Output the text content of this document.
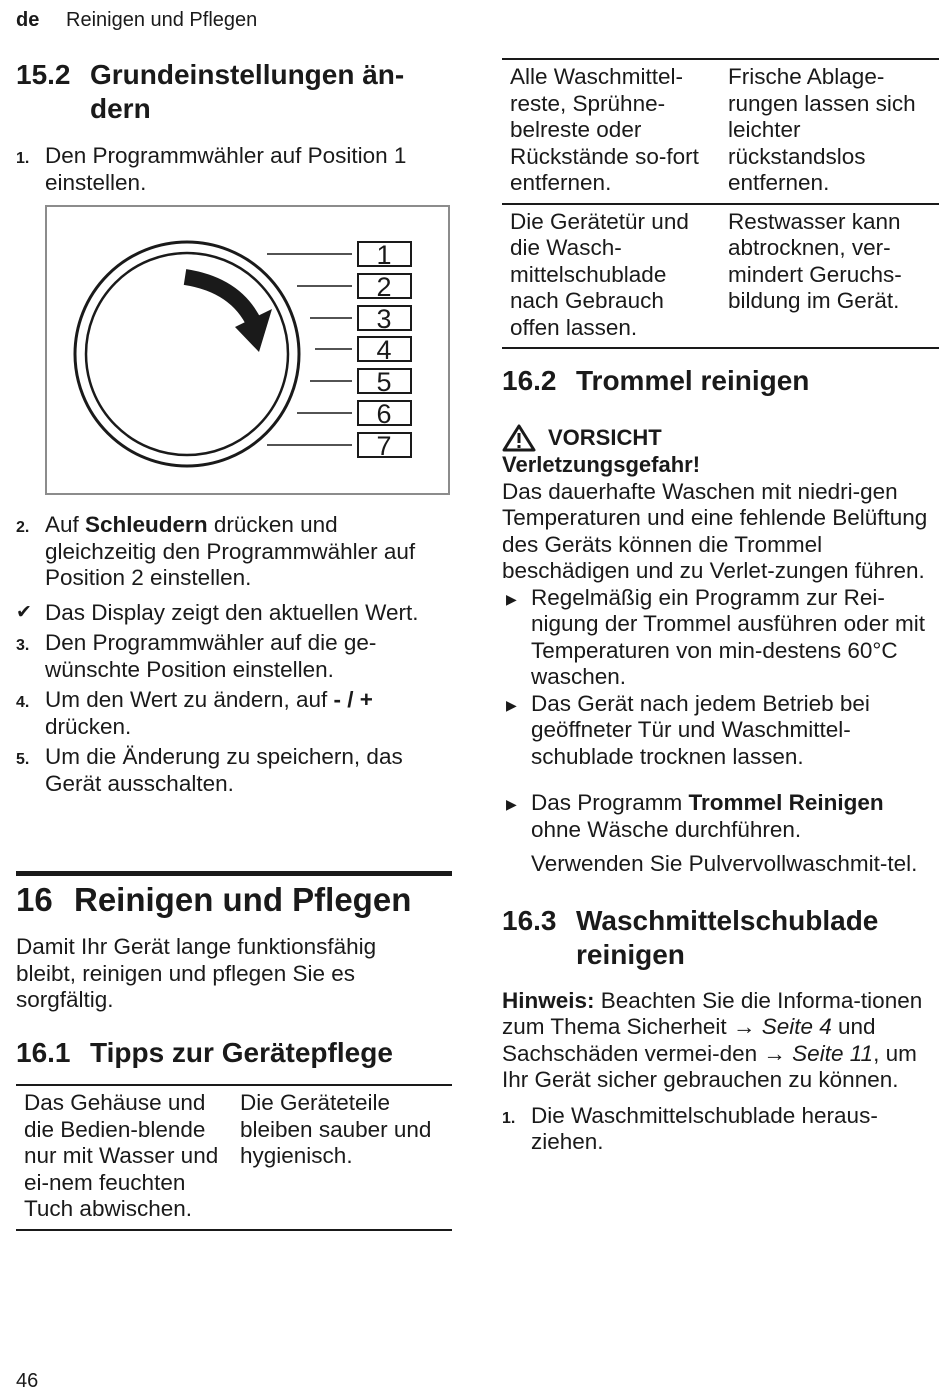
de Reinigen und Pflegen
15.2 Grundeinstellungen än-
dern
1. Den Programmwähler auf Position 1 einstellen.
1
2
3
4
5
6
7
2. Auf Schleudern drücken und gleichzeitig den Programmwähler auf Position 2 einstellen.
✔ Das Display zeigt den aktuellen Wert.
3. Den Programmwähler auf die ge-wünschte Position einstellen.
4. Um den Wert zu ändern, auf - / + drücken.
5. Um die Änderung zu speichern, das Gerät ausschalten.
16 Reinigen und Pflegen
Damit Ihr Gerät lange funktionsfähig bleibt, reinigen und pflegen Sie es sorgfältig.
16.1 Tipps zur Gerätepflege
Das Gehäuse und die Bedien-blende nur mit Wasser und ei-nem feuchten Tuch abwischen.	Die Geräteteile bleiben sauber und hygienisch.
Alle Waschmittel-reste, Sprühne-belreste oder Rückstände so-fort entfernen.	Frische Ablage-rungen lassen sich leichter rückstandslos entfernen.
Die Gerätetür und die Wasch-mittelschublade nach Gebrauch offen lassen.	Restwasser kann abtrocknen, ver-mindert Geruchs-bildung im Gerät.
16.2 Trommel reinigen
VORSICHT
Verletzungsgefahr!
Das dauerhafte Waschen mit niedri-gen Temperaturen und eine fehlende Belüftung des Geräts können die Trommel beschädigen und zu Verlet-zungen führen.
▶ Regelmäßig ein Programm zur Rei-nigung der Trommel ausführen oder mit Temperaturen von min-destens 60°C waschen.
▶ Das Gerät nach jedem Betrieb bei geöffneter Tür und Waschmittel-schublade trocknen lassen.
▶ Das Programm Trommel Reinigen ohne Wäsche durchführen.
Verwenden Sie Pulvervollwaschmit-tel.
16.3 Waschmittelschublade
reinigen
Hinweis: Beachten Sie die Informa-tionen zum Thema Sicherheit → Seite 4 und Sachschäden vermei-den → Seite 11, um Ihr Gerät sicher gebrauchen zu können.
1. Die Waschmittelschublade heraus-ziehen.
46
